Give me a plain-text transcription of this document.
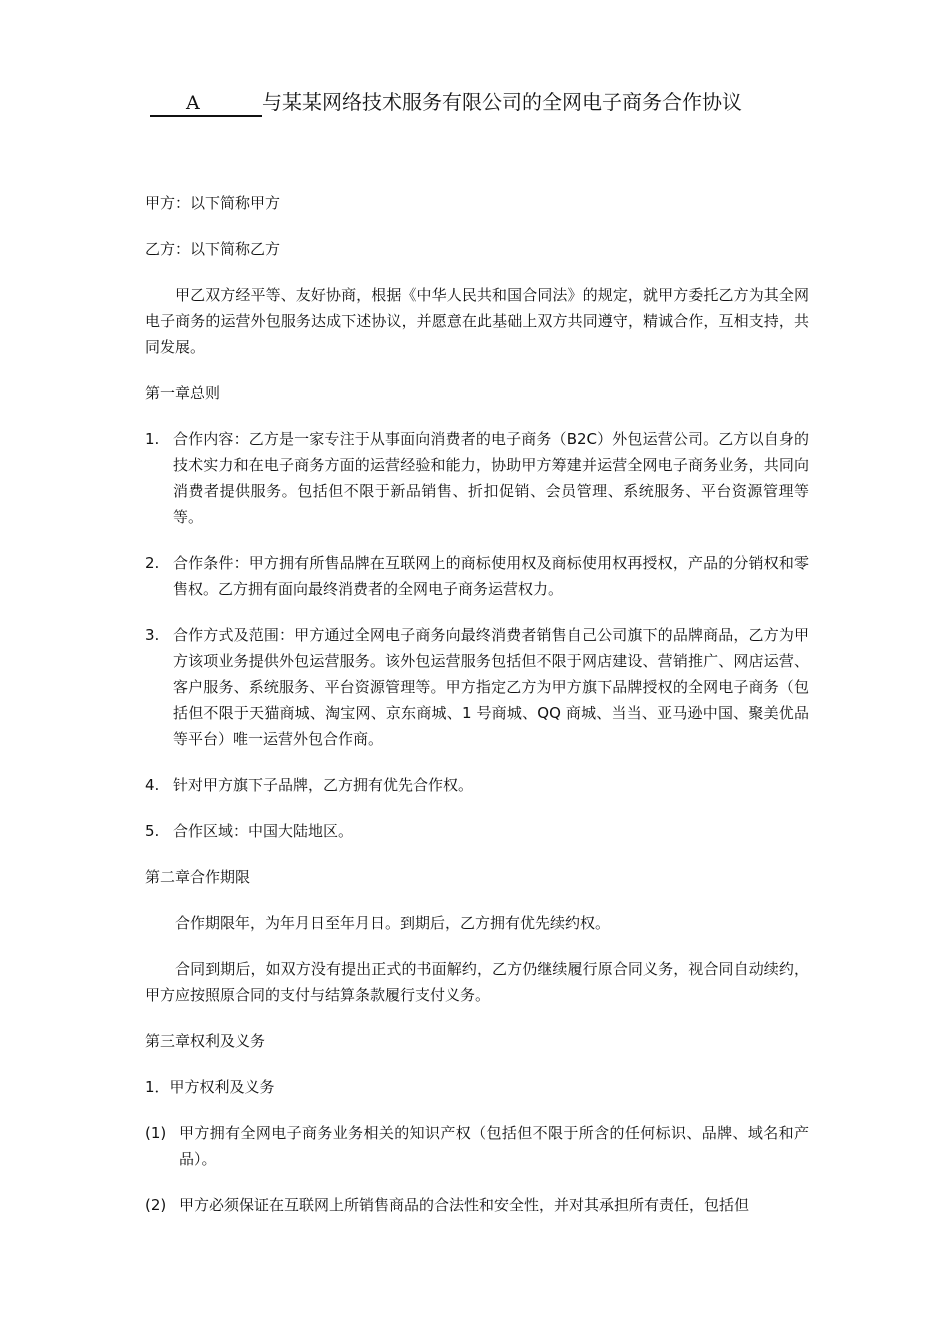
A	与某某网络技术服务有限公司的全网电子商务合作协议

甲方：以下简称甲方

乙方：以下简称乙方

甲乙双方经平等、友好协商，根据《中华人民共和国合同法》的规定，就甲方委托乙方为其全网电子商务的运营外包服务达成下述协议，并愿意在此基础上双方共同遵守，精诚合作，互相支持，共同发展。

第一章总则

1. 合作内容：乙方是一家专注于从事面向消费者的电子商务（B2C）外包运营公司。乙方以自身的技术实力和在电子商务方面的运营经验和能力，协助甲方筹建并运营全网电子商务业务，共同向消费者提供服务。包括但不限于新品销售、折扣促销、会员管理、系统服务、平台资源管理等等。
2. 合作条件：甲方拥有所售品牌在互联网上的商标使用权及商标使用权再授权，产品的分销权和零售权。乙方拥有面向最终消费者的全网电子商务运营权力。
3. 合作方式及范围：甲方通过全网电子商务向最终消费者销售自己公司旗下的品牌商品，乙方为甲方该项业务提供外包运营服务。该外包运营服务包括但不限于网店建设、营销推广、网店运营、客户服务、系统服务、平台资源管理等。甲方指定乙方为甲方旗下品牌授权的全网电子商务（包括但不限于天猫商城、淘宝网、京东商城、1 号商城、QQ 商城、当当、亚马逊中国、聚美优品等平台）唯一运营外包合作商。
4. 针对甲方旗下子品牌，乙方拥有优先合作权。
5. 合作区域：中国大陆地区。

第二章合作期限

合作期限年，为年月日至年月日。到期后，乙方拥有优先续约权。

合同到期后，如双方没有提出正式的书面解约，乙方仍继续履行原合同义务，视合同自动续约，甲方应按照原合同的支付与结算条款履行支付义务。

第三章权利及义务

1．甲方权利及义务

(1) 甲方拥有全网电子商务业务相关的知识产权（包括但不限于所含的任何标识、品牌、域名和产品）。
(2) 甲方必须保证在互联网上所销售商品的合法性和安全性，并对其承担所有责任，包括但
